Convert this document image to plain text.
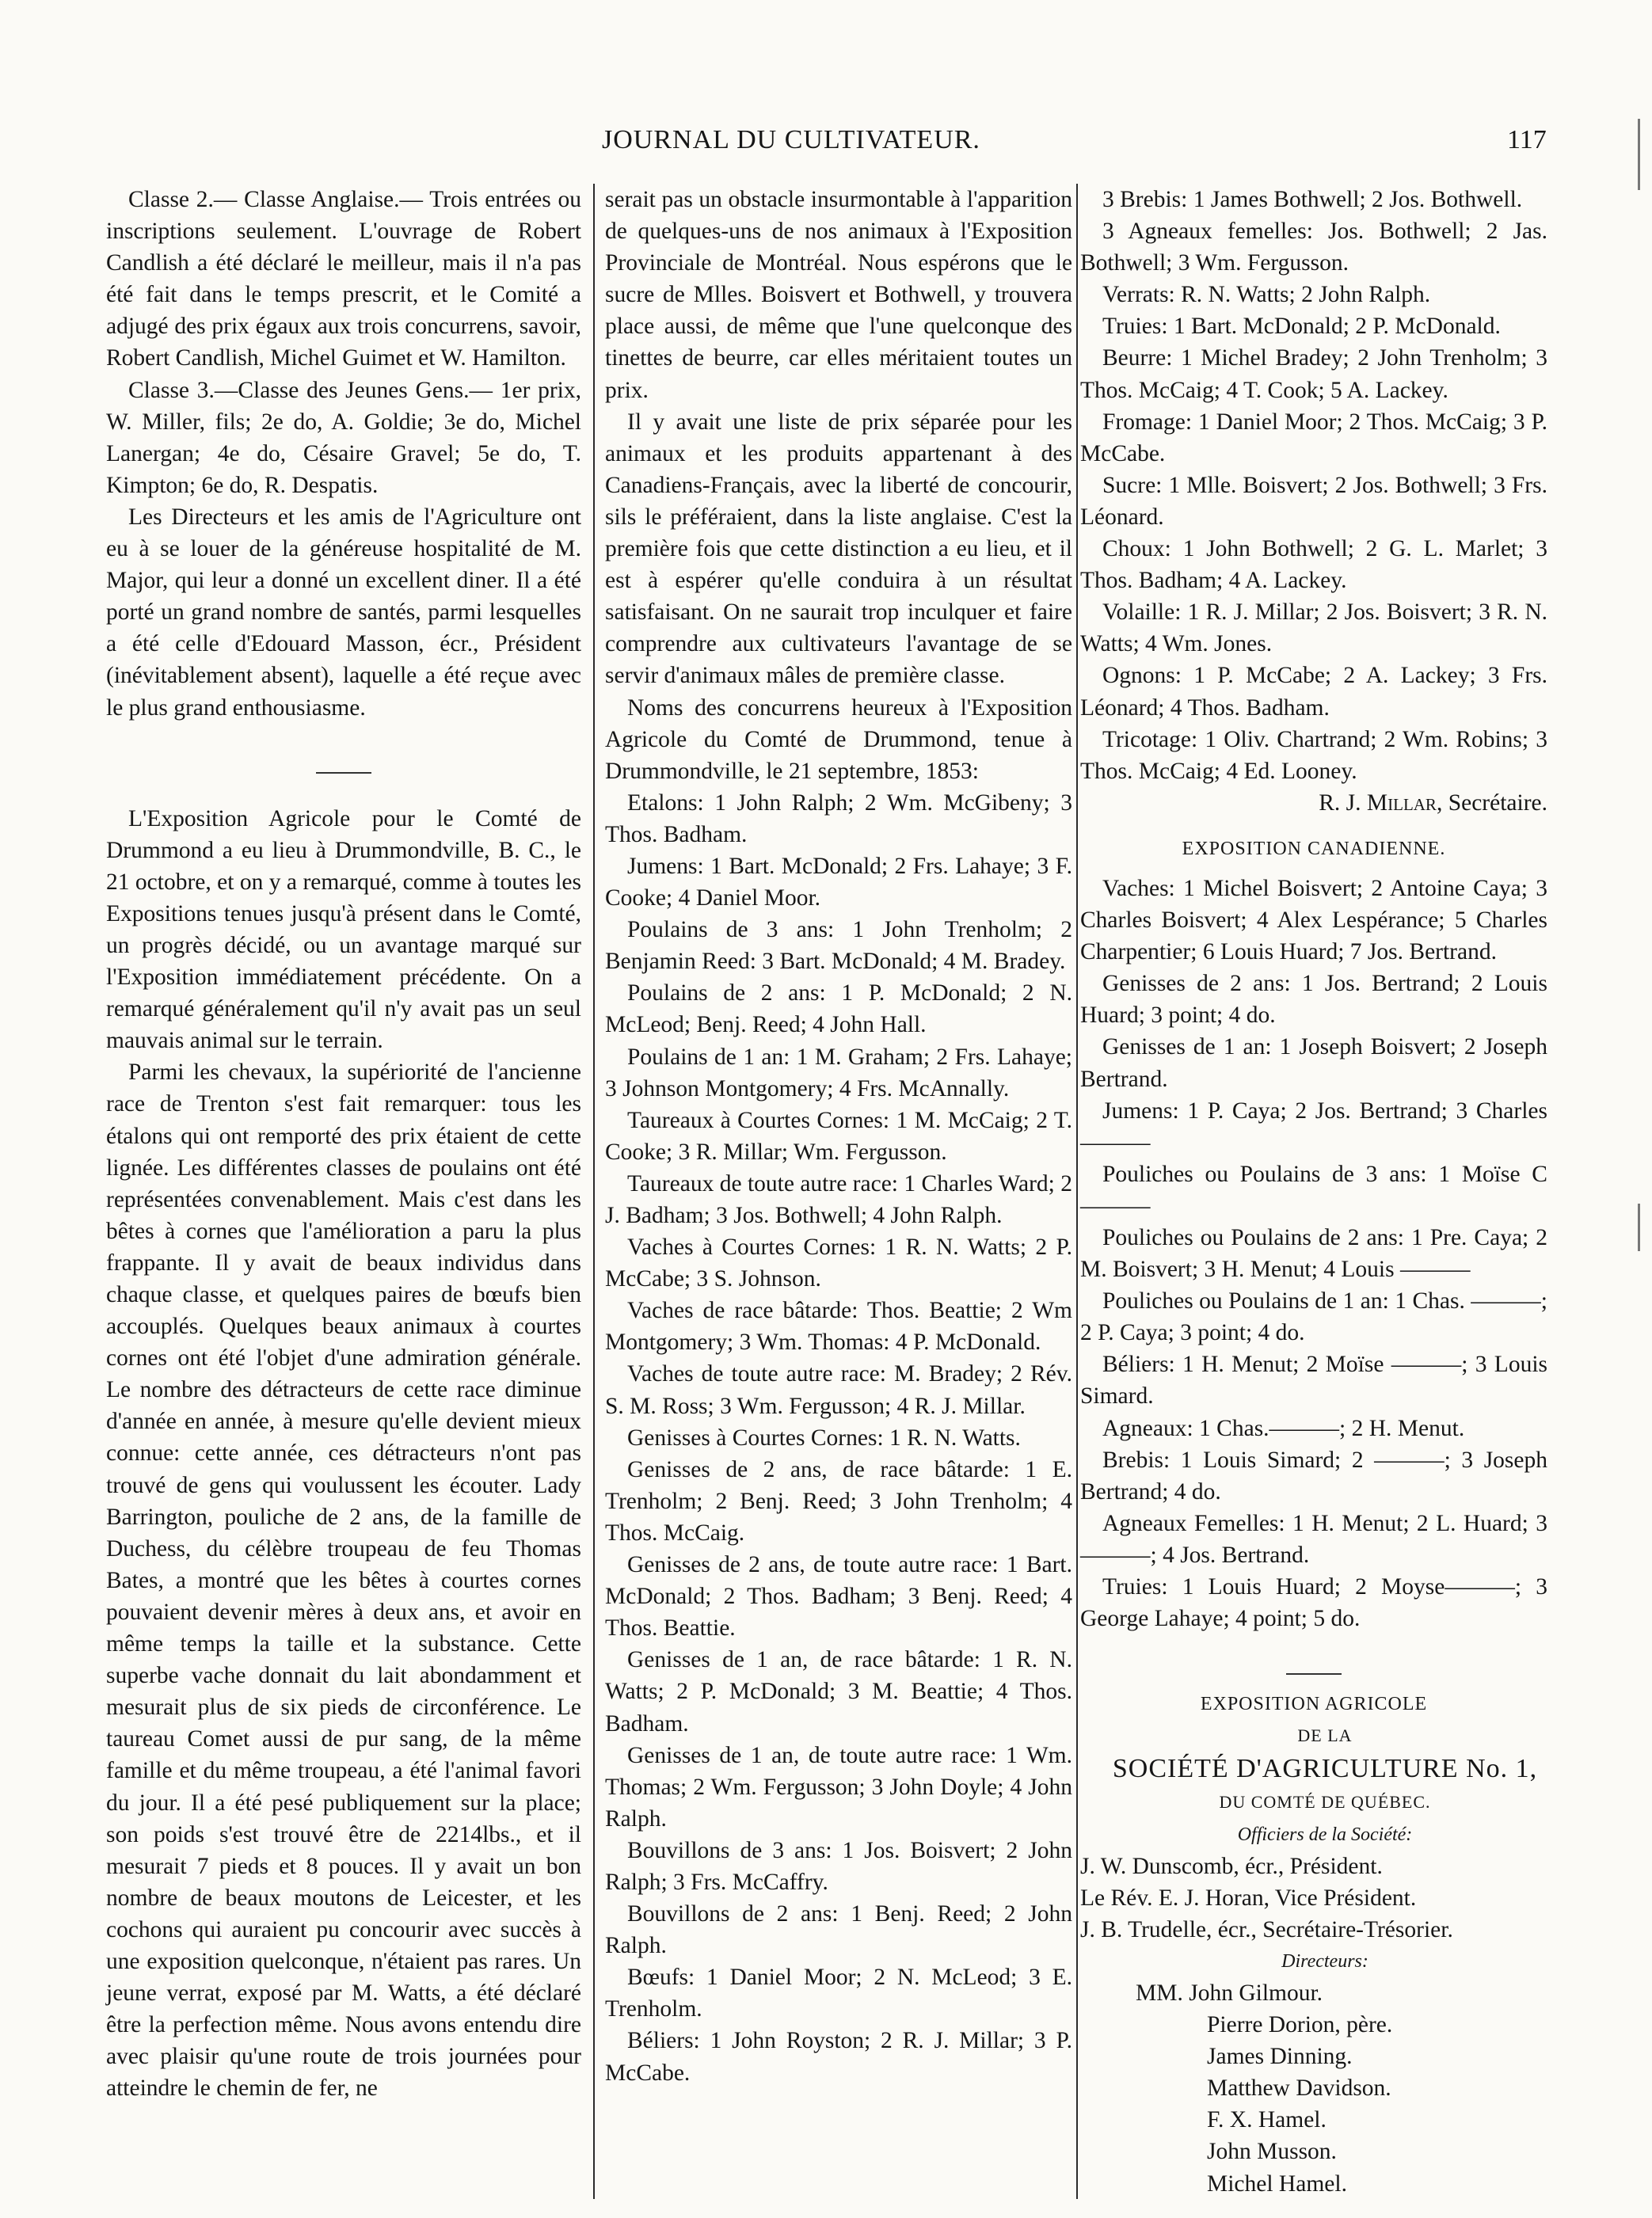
JOURNAL DU CULTIVATEUR.	117

Classe 2.— Classe Anglaise.— Trois entrées ou inscriptions seulement. L'ouvrage de Robert Candlish a été déclaré le meilleur, mais il n'a pas été fait dans le temps prescrit, et le Comité a adjugé des prix égaux aux trois concurrens, savoir, Robert Candlish, Michel Guimet et W. Hamilton.

Classe 3.—Classe des Jeunes Gens.— 1er prix, W. Miller, fils; 2e do, A. Goldie; 3e do, Michel Lanergan; 4e do, Césaire Gravel; 5e do, T. Kimpton; 6e do, R. Despatis.

Les Directeurs et les amis de l'Agriculture ont eu à se louer de la généreuse hospitalité de M. Major, qui leur a donné un excellent diner. Il a été porté un grand nombre de santés, parmi lesquelles a été celle d'Edouard Masson, écr., Président (inévitablement absent), laquelle a été reçue avec le plus grand enthousiasme.

L'Exposition Agricole pour le Comté de Drummond a eu lieu à Drummondville, B. C., le 21 octobre, et on y a remarqué, comme à toutes les Expositions tenues jusqu'à présent dans le Comté, un progrès décidé, ou un avantage marqué sur l'Exposition immédiatement précédente. On a remarqué généralement qu'il n'y avait pas un seul mauvais animal sur le terrain.

Parmi les chevaux, la supériorité de l'ancienne race de Trenton s'est fait remarquer: tous les étalons qui ont remporté des prix étaient de cette lignée. Les différentes classes de poulains ont été représentées convenablement. Mais c'est dans les bêtes à cornes que l'amélioration a paru la plus frappante. Il y avait de beaux individus dans chaque classe, et quelques paires de bœufs bien accouplés. Quelques beaux animaux à courtes cornes ont été l'objet d'une admiration générale. Le nombre des détracteurs de cette race diminue d'année en année, à mesure qu'elle devient mieux connue: cette année, ces détracteurs n'ont pas trouvé de gens qui voulussent les écouter. Lady Barrington, pouliche de 2 ans, de la famille de Duchess, du célèbre troupeau de feu Thomas Bates, a montré que les bêtes à courtes cornes pouvaient devenir mères à deux ans, et avoir en même temps la taille et la substance. Cette superbe vache donnait du lait abondamment et mesurait plus de six pieds de circonférence. Le taureau Comet aussi de pur sang, de la même famille et du même troupeau, a été l'animal favori du jour. Il a été pesé publiquement sur la place; son poids s'est trouvé être de 2214lbs., et il mesurait 7 pieds et 8 pouces. Il y avait un bon nombre de beaux moutons de Leicester, et les cochons qui auraient pu concourir avec succès à une exposition quelconque, n'étaient pas rares. Un jeune verrat, exposé par M. Watts, a été déclaré être la perfection même. Nous avons entendu dire avec plaisir qu'une route de trois journées pour atteindre le chemin de fer, ne

serait pas un obstacle insurmontable à l'apparition de quelques-uns de nos animaux à l'Exposition Provinciale de Montréal. Nous espérons que le sucre de Mlles. Boisvert et Bothwell, y trouvera place aussi, de même que l'une quelconque des tinettes de beurre, car elles méritaient toutes un prix.

Il y avait une liste de prix séparée pour les animaux et les produits appartenant à des Canadiens-Français, avec la liberté de concourir, sils le préféraient, dans la liste anglaise. C'est la première fois que cette distinction a eu lieu, et il est à espérer qu'elle conduira à un résultat satisfaisant. On ne saurait trop inculquer et faire comprendre aux cultivateurs l'avantage de se servir d'animaux mâles de première classe.

Noms des concurrens heureux à l'Exposition Agricole du Comté de Drummond, tenue à Drummondville, le 21 septembre, 1853:

Etalons: 1 John Ralph; 2 Wm. McGibeny; 3 Thos. Badham.

Jumens: 1 Bart. McDonald; 2 Frs. Lahaye; 3 F. Cooke; 4 Daniel Moor.

Poulains de 3 ans: 1 John Trenholm; 2 Benjamin Reed: 3 Bart. McDonald; 4 M. Bradey.

Poulains de 2 ans: 1 P. McDonald; 2 N. McLeod; Benj. Reed; 4 John Hall.

Poulains de 1 an: 1 M. Graham; 2 Frs. Lahaye; 3 Johnson Montgomery; 4 Frs. McAnnally.

Taureaux à Courtes Cornes: 1 M. McCaig; 2 T. Cooke; 3 R. Millar; Wm. Fergusson.

Taureaux de toute autre race: 1 Charles Ward; 2 J. Badham; 3 Jos. Bothwell; 4 John Ralph.

Vaches à Courtes Cornes: 1 R. N. Watts; 2 P. McCabe; 3 S. Johnson.

Vaches de race bâtarde: Thos. Beattie; 2 Wm Montgomery; 3 Wm. Thomas: 4 P. McDonald.

Vaches de toute autre race: M. Bradey; 2 Rév. S. M. Ross; 3 Wm. Fergusson; 4 R. J. Millar.

Genisses à Courtes Cornes: 1 R. N. Watts.

Genisses de 2 ans, de race bâtarde: 1 E. Trenholm; 2 Benj. Reed; 3 John Trenholm; 4 Thos. McCaig.

Genisses de 2 ans, de toute autre race: 1 Bart. McDonald; 2 Thos. Badham; 3 Benj. Reed; 4 Thos. Beattie.

Genisses de 1 an, de race bâtarde: 1 R. N. Watts; 2 P. McDonald; 3 M. Beattie; 4 Thos. Badham.

Genisses de 1 an, de toute autre race: 1 Wm. Thomas; 2 Wm. Fergusson; 3 John Doyle; 4 John Ralph.

Bouvillons de 3 ans: 1 Jos. Boisvert; 2 John Ralph; 3 Frs. McCaffry.

Bouvillons de 2 ans: 1 Benj. Reed; 2 John Ralph.

Bœufs: 1 Daniel Moor; 2 N. McLeod; 3 E. Trenholm.

Béliers: 1 John Royston; 2 R. J. Millar; 3 P. McCabe.

3 Brebis: 1 James Bothwell; 2 Jos. Bothwell.

3 Agneaux femelles: Jos. Bothwell; 2 Jas. Bothwell; 3 Wm. Fergusson.

Verrats: R. N. Watts; 2 John Ralph.

Truies: 1 Bart. McDonald; 2 P. McDonald.

Beurre: 1 Michel Bradey; 2 John Trenholm; 3 Thos. McCaig; 4 T. Cook; 5 A. Lackey.

Fromage: 1 Daniel Moor; 2 Thos. McCaig; 3 P. McCabe.

Sucre: 1 Mlle. Boisvert; 2 Jos. Bothwell; 3 Frs. Léonard.

Choux: 1 John Bothwell; 2 G. L. Marlet; 3 Thos. Badham; 4 A. Lackey.

Volaille: 1 R. J. Millar; 2 Jos. Boisvert; 3 R. N. Watts; 4 Wm. Jones.

Ognons: 1 P. McCabe; 2 A. Lackey; 3 Frs. Léonard; 4 Thos. Badham.

Tricotage: 1 Oliv. Chartrand; 2 Wm. Robins; 3 Thos. McCaig; 4 Ed. Looney.

R. J. Millar, Secrétaire.

EXPOSITION CANADIENNE.

Vaches: 1 Michel Boisvert; 2 Antoine Caya; 3 Charles Boisvert; 4 Alex Lespérance; 5 Charles Charpentier; 6 Louis Huard; 7 Jos. Bertrand.

Genisses de 2 ans: 1 Jos. Bertrand; 2 Louis Huard; 3 point; 4 do.

Genisses de 1 an: 1 Joseph Boisvert; 2 Joseph Bertrand.

Jumens: 1 P. Caya; 2 Jos. Bertrand; 3 Charles ———

Pouliches ou Poulains de 3 ans: 1 Moïse C———

Pouliches ou Poulains de 2 ans: 1 Pre. Caya; 2 M. Boisvert; 3 H. Menut; 4 Louis ———

Pouliches ou Poulains de 1 an: 1 Chas. ———; 2 P. Caya; 3 point; 4 do.

Béliers: 1 H. Menut; 2 Moïse ———; 3 Louis Simard.

Agneaux: 1 Chas.———; 2 H. Menut.

Brebis: 1 Louis Simard; 2 ———; 3 Joseph Bertrand; 4 do.

Agneaux Femelles: 1 H. Menut; 2 L. Huard; 3 ———; 4 Jos. Bertrand.

Truies: 1 Louis Huard; 2 Moyse———; 3 George Lahaye; 4 point; 5 do.

EXPOSITION AGRICOLE

DE LA

SOCIÉTÉ D'AGRICULTURE No. 1,

DU COMTÉ DE QUÉBEC.

Officiers de la Société:

J. W. Dunscomb, écr., Président.

Le Rév. E. J. Horan, Vice Président.

J. B. Trudelle, écr., Secrétaire-Trésorier.

Directeurs:

MM. John Gilmour.

Pierre Dorion, père.

James Dinning.

Matthew Davidson.

F. X. Hamel.

John Musson.

Michel Hamel.
